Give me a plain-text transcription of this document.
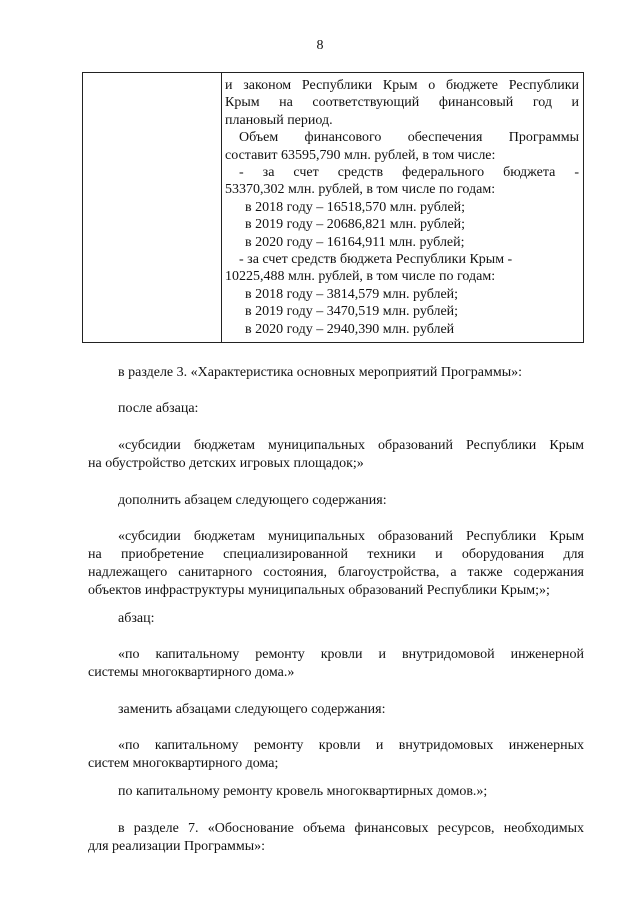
8
и законом Республики Крым о бюджете Республики
Крым на соответствующий финансовый год и
плановый период.
Объем финансового обеспечения Программы
составит 63595,790 млн. рублей, в том числе:
- за счет средств федерального бюджета -
53370,302 млн. рублей, в том числе по годам:
в 2018 году – 16518,570 млн. рублей;
в 2019 году – 20686,821 млн. рублей;
в 2020 году – 16164,911 млн. рублей;
- за счет средств бюджета Республики Крым -
10225,488 млн. рублей, в том числе по годам:
в 2018 году – 3814,579 млн. рублей;
в 2019 году – 3470,519 млн. рублей;
в 2020 году – 2940,390 млн. рублей
в разделе 3. «Характеристика основных мероприятий Программы»:
после абзаца:
«субсидии бюджетам муниципальных образований Республики Крым
на обустройство детских игровых площадок;»
дополнить абзацем следующего содержания:
«субсидии бюджетам муниципальных образований Республики Крым
на приобретение специализированной техники и оборудования для
надлежащего санитарного состояния, благоустройства, а также содержания
объектов инфраструктуры муниципальных образований Республики Крым;»;
абзац:
«по капитальному ремонту кровли и внутридомовой инженерной
системы многоквартирного дома.»
заменить абзацами следующего содержания:
«по капитальному ремонту кровли и внутридомовых инженерных
систем многоквартирного дома;
по капитальному ремонту кровель многоквартирных домов.»;
в разделе 7. «Обоснование объема финансовых ресурсов, необходимых
для реализации Программы»:
